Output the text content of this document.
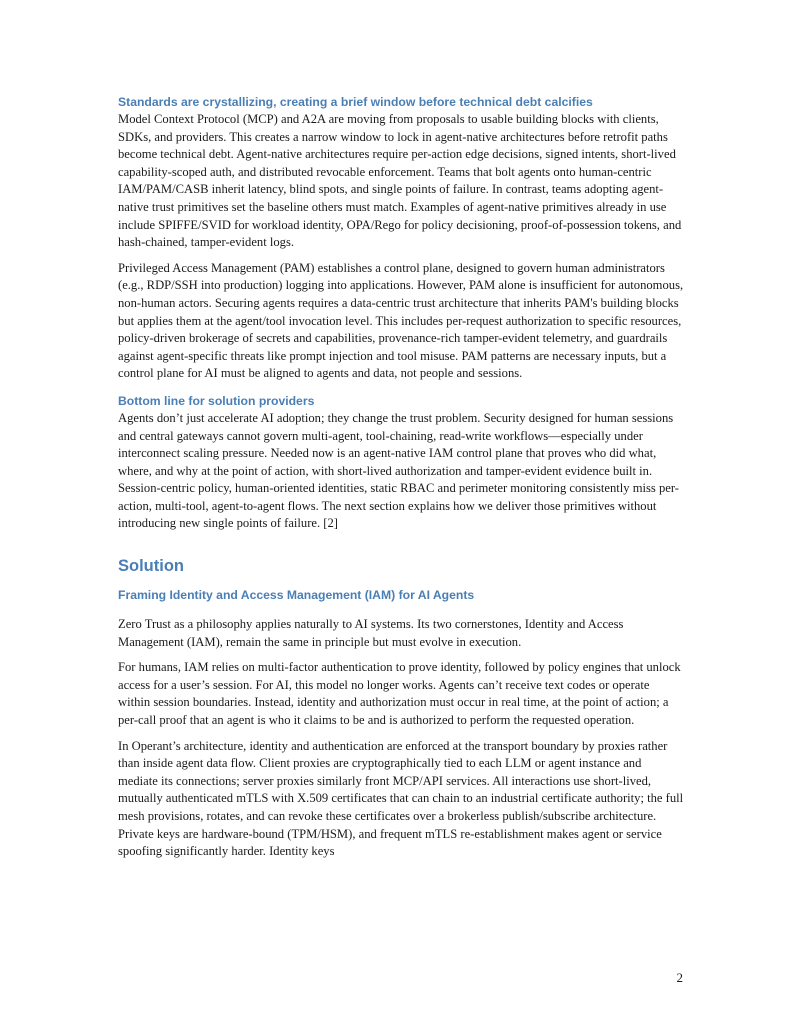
Standards are crystallizing, creating a brief window before technical debt calcifies

Model Context Protocol (MCP) and A2A are moving from proposals to usable building blocks with clients, SDKs, and providers. This creates a narrow window to lock in agent-native architectures before retrofit paths become technical debt. Agent-native architectures require per-action edge decisions, signed intents, short-lived capability-scoped auth, and distributed revocable enforcement. Teams that bolt agents onto human-centric IAM/PAM/CASB inherit latency, blind spots, and single points of failure. In contrast, teams adopting agent-native trust primitives set the baseline others must match. Examples of agent-native primitives already in use include SPIFFE/SVID for workload identity, OPA/Rego for policy decisioning, proof-of-possession tokens, and hash-chained, tamper-evident logs.

Privileged Access Management (PAM) establishes a control plane, designed to govern human administrators (e.g., RDP/SSH into production) logging into applications. However, PAM alone is insufficient for autonomous, non-human actors. Securing agents requires a data-centric trust architecture that inherits PAM's building blocks but applies them at the agent/tool invocation level. This includes per-request authorization to specific resources, policy-driven brokerage of secrets and capabilities, provenance-rich tamper-evident telemetry, and guardrails against agent-specific threats like prompt injection and tool misuse. PAM patterns are necessary inputs, but a control plane for AI must be aligned to agents and data, not people and sessions.

Bottom line for solution providers

Agents don’t just accelerate AI adoption; they change the trust problem. Security designed for human sessions and central gateways cannot govern multi-agent, tool-chaining, read-write workflows—especially under interconnect scaling pressure. Needed now is an agent-native IAM control plane that proves who did what, where, and why at the point of action, with short-lived authorization and tamper-evident evidence built in. Session-centric policy, human-oriented identities, static RBAC and perimeter monitoring consistently miss per-action, multi-tool, agent-to-agent flows. The next section explains how we deliver those primitives without introducing new single points of failure. [2]

Solution
Framing Identity and Access Management (IAM) for AI Agents

Zero Trust as a philosophy applies naturally to AI systems. Its two cornerstones, Identity and Access Management (IAM), remain the same in principle but must evolve in execution.

For humans, IAM relies on multi-factor authentication to prove identity, followed by policy engines that unlock access for a user’s session. For AI, this model no longer works. Agents can’t receive text codes or operate within session boundaries. Instead, identity and authorization must occur in real time, at the point of action; a per-call proof that an agent is who it claims to be and is authorized to perform the requested operation.

In Operant’s architecture, identity and authentication are enforced at the transport boundary by proxies rather than inside agent data flow. Client proxies are cryptographically tied to each LLM or agent instance and mediate its connections; server proxies similarly front MCP/API services. All interactions use short-lived, mutually authenticated mTLS with X.509 certificates that can chain to an industrial certificate authority; the full mesh provisions, rotates, and can revoke these certificates over a brokerless publish/subscribe architecture. Private keys are hardware-bound (TPM/HSM), and frequent mTLS re-establishment makes agent or service spoofing significantly harder. Identity keys

2
